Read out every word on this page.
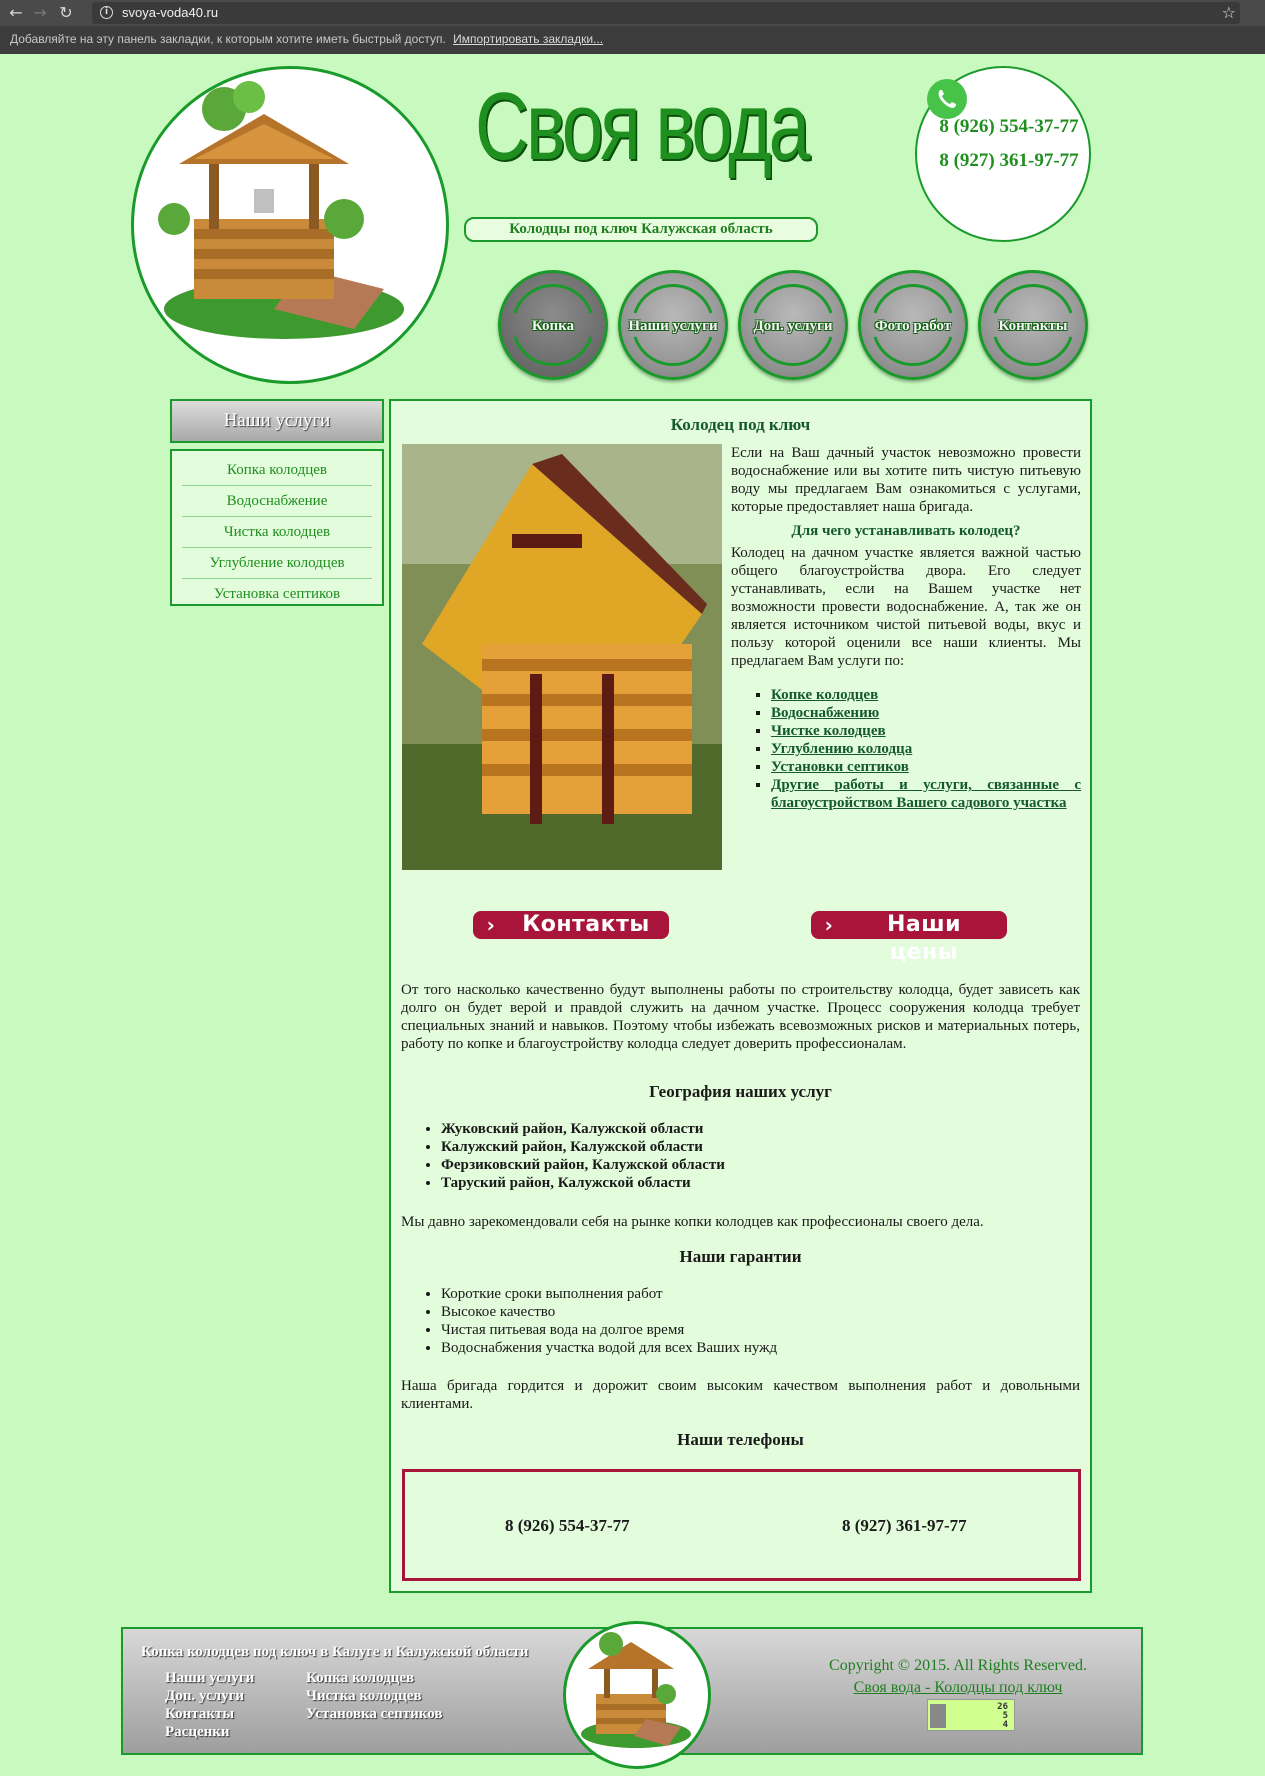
← → ↻	i	svoya-voda40.ru	☆
Добавляйте на эту панель закладки, к которым хотите иметь быстрый доступ. Импортировать закладки...
Своя вода
Колодцы под ключ Калужская область
8 (926) 554-37-77
8 (927) 361-97-77
Копка	Наши услуги	Доп. услуги	Фото работ	Контакты
Наши услуги
Копка колодцев
Водоснабжение
Чистка колодцев
Углубление колодцев
Установка септиков
Колодец под ключ

Если на Ваш дачный участок невозможно провести водоснабжение или вы хотите пить чистую питьевую воду мы предлагаем Вам ознакомиться с услугами, которые предоставляет наша бригада.

Для чего устанавливать колодец?

Колодец на дачном участке является важной частью общего благоустройства двора. Его следует устанавливать, если на Вашем участке нет возможности провести водоснабжение. А, так же он является источником чистой питьевой воды, вкус и пользу которой оценили все наши клиенты. Мы предлагаем Вам услуги по:

▪ Копке колодцев
▪ Водоснабжению
▪ Чистке колодцев
▪ Углублению колодца
▪ Установки септиков
▪ Другие работы и услуги, связанные с благоустройством Вашего садового участка
›	Контакты	›	Наши цены

От того насколько качественно будут выполнены работы по строительству колодца, будет зависеть как долго он будет верой и правдой служить на дачном участке. Процесс сооружения колодца требует специальных знаний и навыков. Поэтому чтобы избежать всевозможных рисков и материальных потерь, работу по копке и благоустройству колодца следует доверить профессионалам.

География наших услуг
• Жуковский район, Калужской области
• Калужский район, Калужской области
• Ферзиковский район, Калужской области
• Таруский район, Калужской области

Мы давно зарекомендовали себя на рынке копки колодцев как профессионалы своего дела.

Наши гарантии
• Короткие сроки выполнения работ
• Высокое качество
• Чистая питьевая вода на долгое время
• Водоснабжения участка водой для всех Ваших нужд

Наша бригада гордится и дорожит своим высоким качеством выполнения работ и довольными клиентами.

Наши телефоны
8 (926) 554-37-77	8 (927) 361-97-77
Копка колодцев под ключ в Калуге и Калужской области
Наши услуги
Доп. услуги
Контакты
Расценки
Копка колодцев
Чистка колодцев
Установка септиков
Copyright © 2015. All Rights Reserved.
Своя вода - Колодцы под ключ
26
5
4
